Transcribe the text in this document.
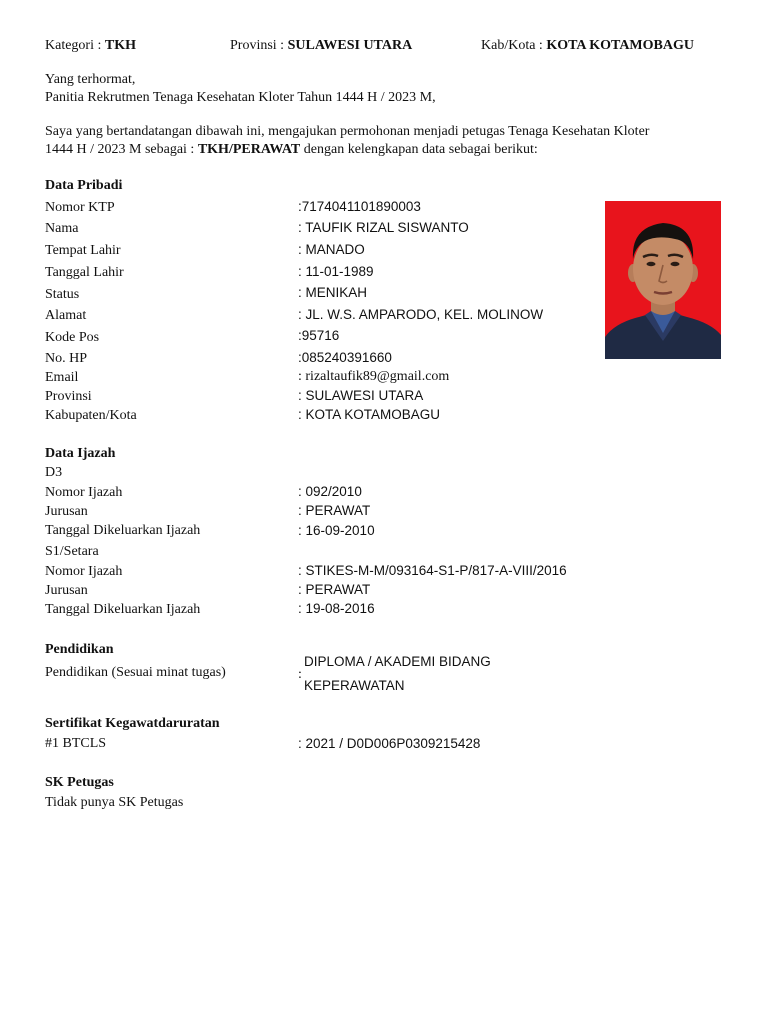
Kategori : TKH	Provinsi : SULAWESI UTARA	Kab/Kota : KOTA KOTAMOBAGU
Yang terhormat,
Panitia Rekrutmen Tenaga Kesehatan Kloter Tahun 1444 H / 2023 M,
Saya yang bertandatangan dibawah ini, mengajukan permohonan menjadi petugas Tenaga Kesehatan Kloter
1444 H / 2023 M sebagai : TKH/PERAWAT dengan kelengkapan data sebagai berikut:
Data Pribadi
Nomor KTP	:7174041101890003
Nama	: TAUFIK RIZAL SISWANTO
Tempat Lahir	: MANADO
Tanggal Lahir	: 11-01-1989
Status	: MENIKAH
Alamat	: JL. W.S. AMPARODO, KEL. MOLINOW
Kode Pos	:95716
No. HP	:085240391660
Email	: rizaltaufik89@gmail.com
Provinsi	: SULAWESI UTARA
Kabupaten/Kota	: KOTA KOTAMOBAGU
Data Ijazah
D3
Nomor Ijazah	: 092/2010
Jurusan	: PERAWAT
Tanggal Dikeluarkan Ijazah	: 16-09-2010
S1/Setara
Nomor Ijazah	: STIKES-M-M/093164-S1-P/817-A-VIII/2016
Jurusan	: PERAWAT
Tanggal Dikeluarkan Ijazah	: 19-08-2016
Pendidikan
Pendidikan (Sesuai minat tugas)	:
DIPLOMA / AKADEMI BIDANG
KEPERAWATAN
Sertifikat Kegawatdaruratan
#1 BTCLS	: 2021 / D0D006P0309215428
SK Petugas
Tidak punya SK Petugas
